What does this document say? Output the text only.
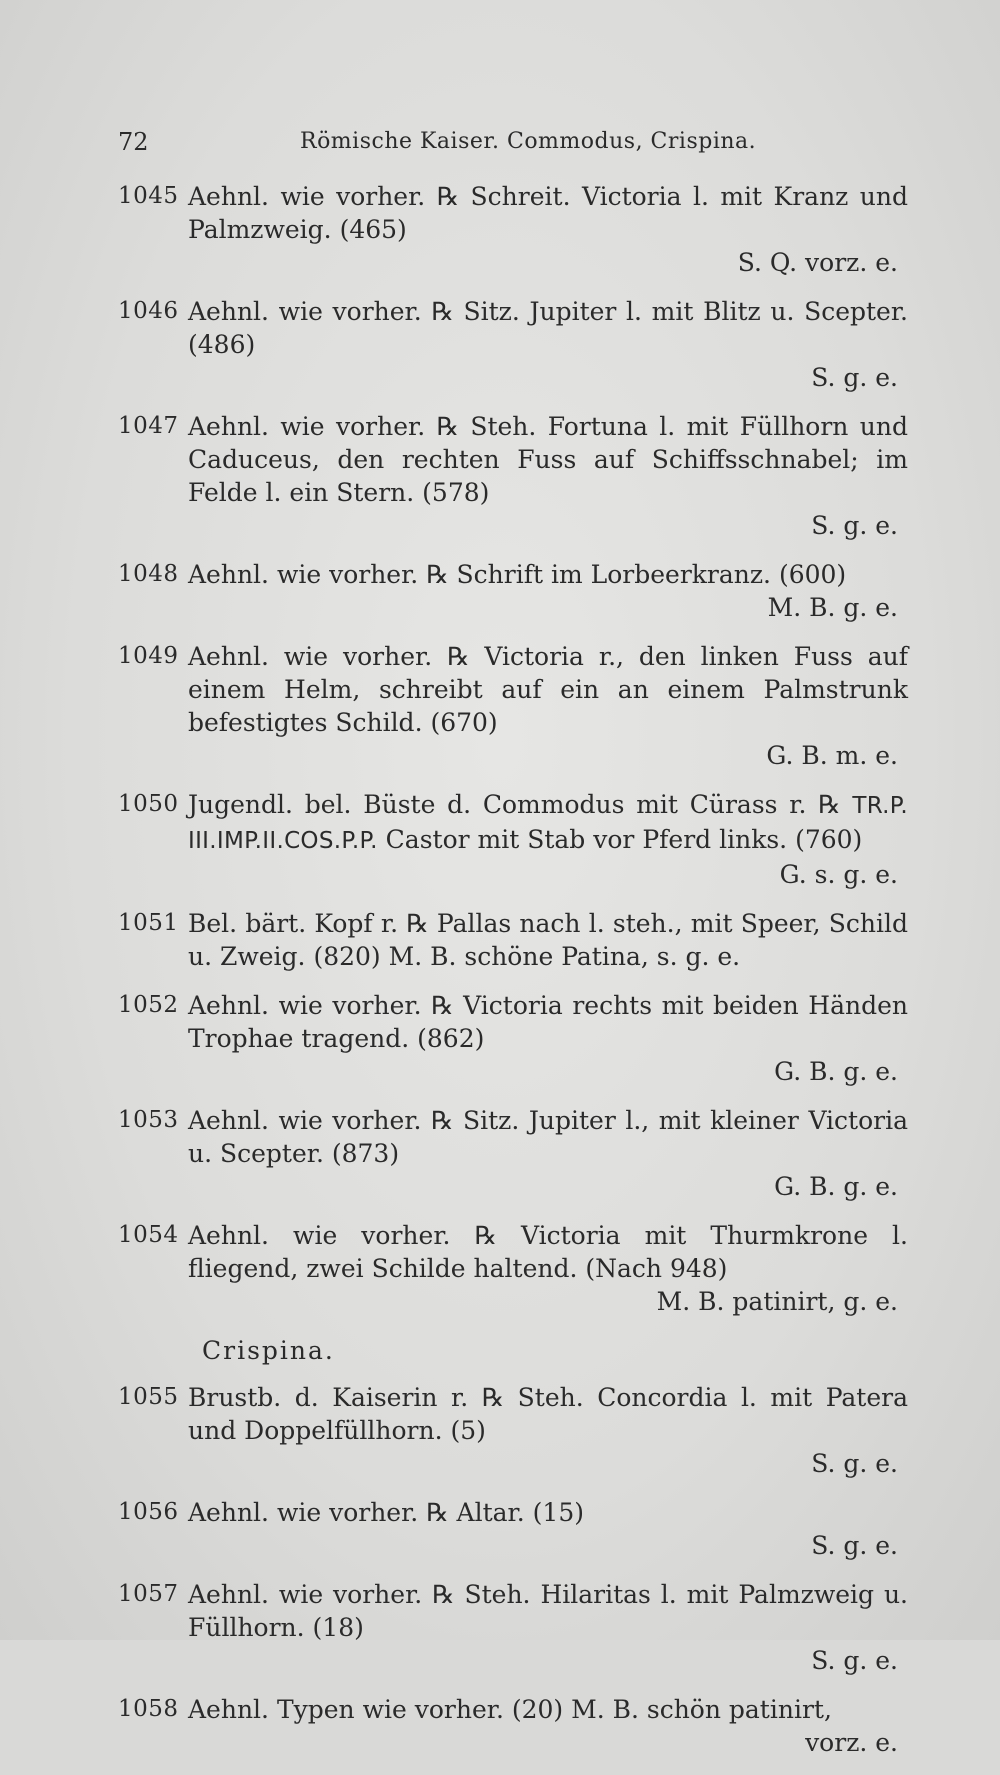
72	Römische Kaiser. Commodus, Crispina.
1045 Aehnl. wie vorher. ℞ Schreit. Victoria l. mit Kranz und Palmzweig. (465)
S. Q. vorz. e.
1046 Aehnl. wie vorher. ℞ Sitz. Jupiter l. mit Blitz u. Scepter. (486)
S. g. e.
1047 Aehnl. wie vorher. ℞ Steh. Fortuna l. mit Füllhorn und Caduceus, den rechten Fuss auf Schiffsschnabel; im Felde l. ein Stern. (578)
S. g. e.
1048 Aehnl. wie vorher. ℞ Schrift im Lorbeerkranz. (600)
M. B. g. e.
1049 Aehnl. wie vorher. ℞ Victoria r., den linken Fuss auf einem Helm, schreibt auf ein an einem Palmstrunk befestigtes Schild. (670)
G. B. m. e.
1050 Jugendl. bel. Büste d. Commodus mit Cürass r. ℞ TR.P. III.IMP.II.COS.P.P. Castor mit Stab vor Pferd links. (760)
G. s. g. e.
1051 Bel. bärt. Kopf r. ℞ Pallas nach l. steh., mit Speer, Schild u. Zweig. (820) M. B. schöne Patina, s. g. e.
1052 Aehnl. wie vorher. ℞ Victoria rechts mit beiden Händen Trophae tragend. (862)
G. B. g. e.
1053 Aehnl. wie vorher. ℞ Sitz. Jupiter l., mit kleiner Victoria u. Scepter. (873)
G. B. g. e.
1054 Aehnl. wie vorher. ℞ Victoria mit Thurmkrone l. fliegend, zwei Schilde haltend. (Nach 948)
M. B. patinirt, g. e.
Crispina.
1055 Brustb. d. Kaiserin r. ℞ Steh. Concordia l. mit Patera und Doppelfüllhorn. (5)
S. g. e.
1056 Aehnl. wie vorher. ℞ Altar. (15)
S. g. e.
1057 Aehnl. wie vorher. ℞ Steh. Hilaritas l. mit Palmzweig u. Füllhorn. (18)
S. g. e.
1058 Aehnl. Typen wie vorher. (20) M. B. schön patinirt,
vorz. e.
